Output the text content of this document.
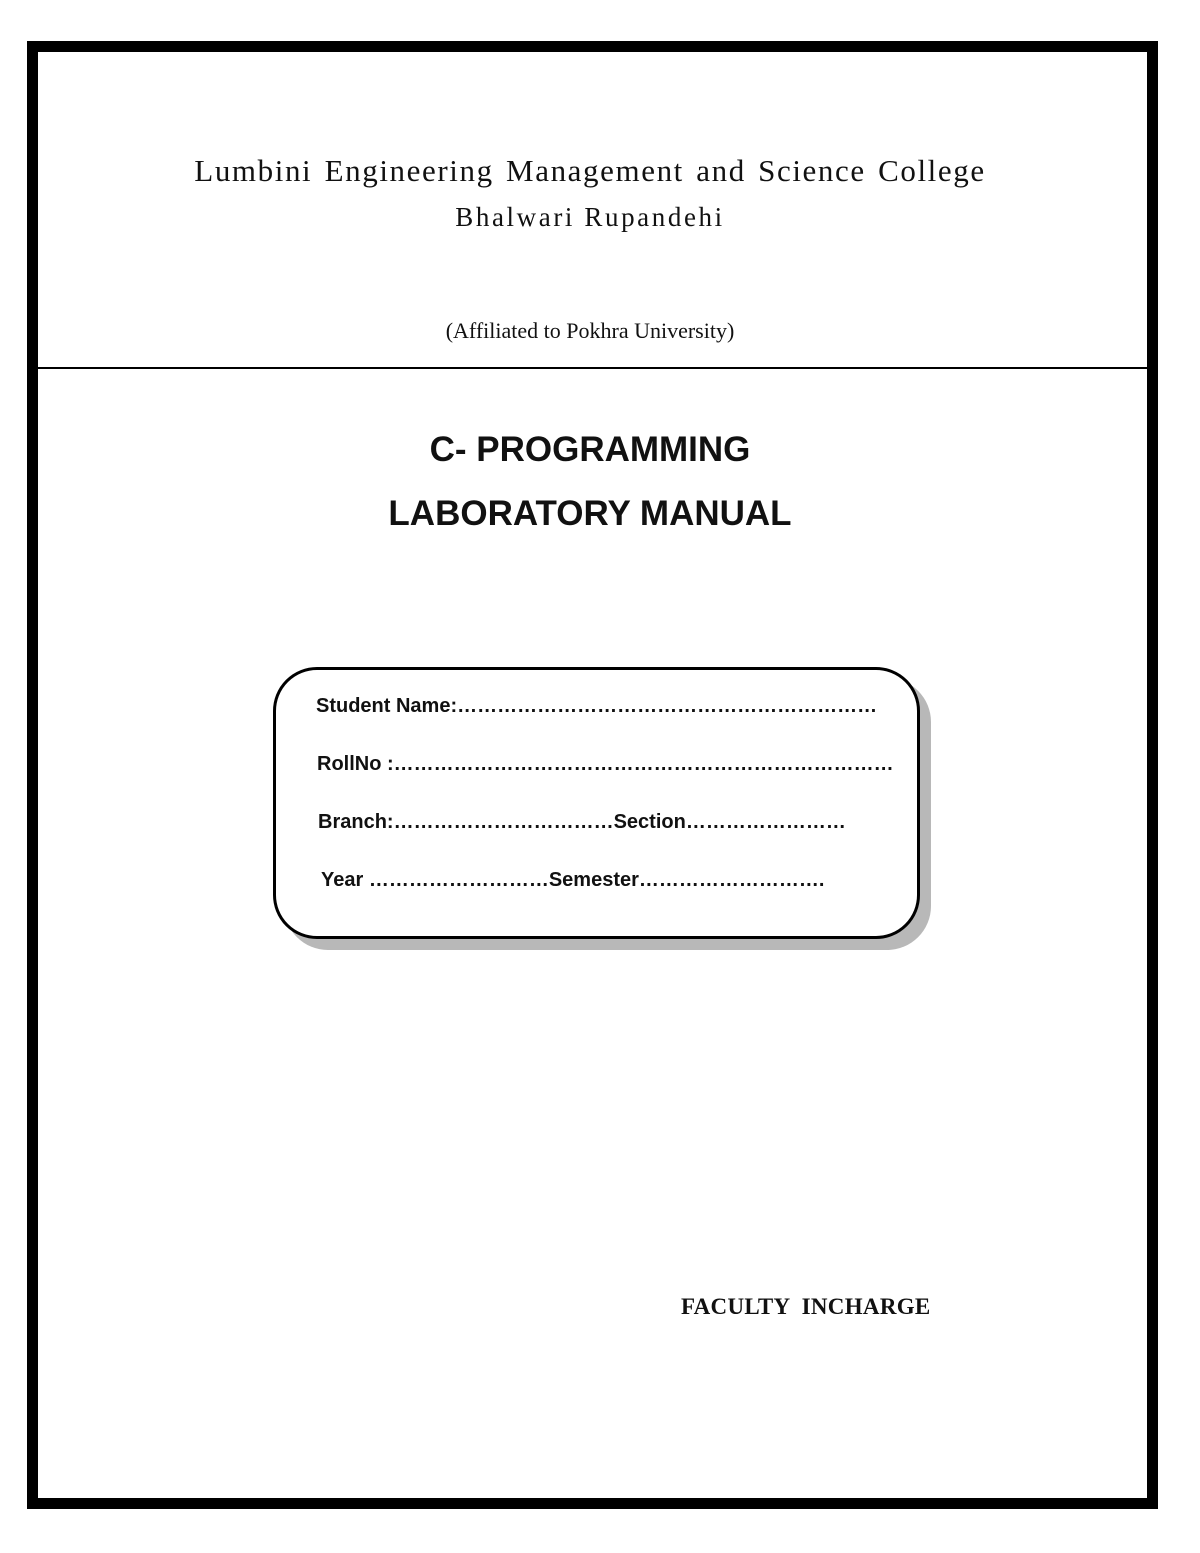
Lumbini Engineering Management and Science College
Bhalwari Rupandehi
(Affiliated to Pokhra University)
C- PROGRAMMING
LABORATORY MANUAL
Student Name:………………………………………………………
RollNo :…………………………………………………………………
Branch:……………………………Section……………………
Year ………………………Semester……………………….
FACULTY INCHARGE
